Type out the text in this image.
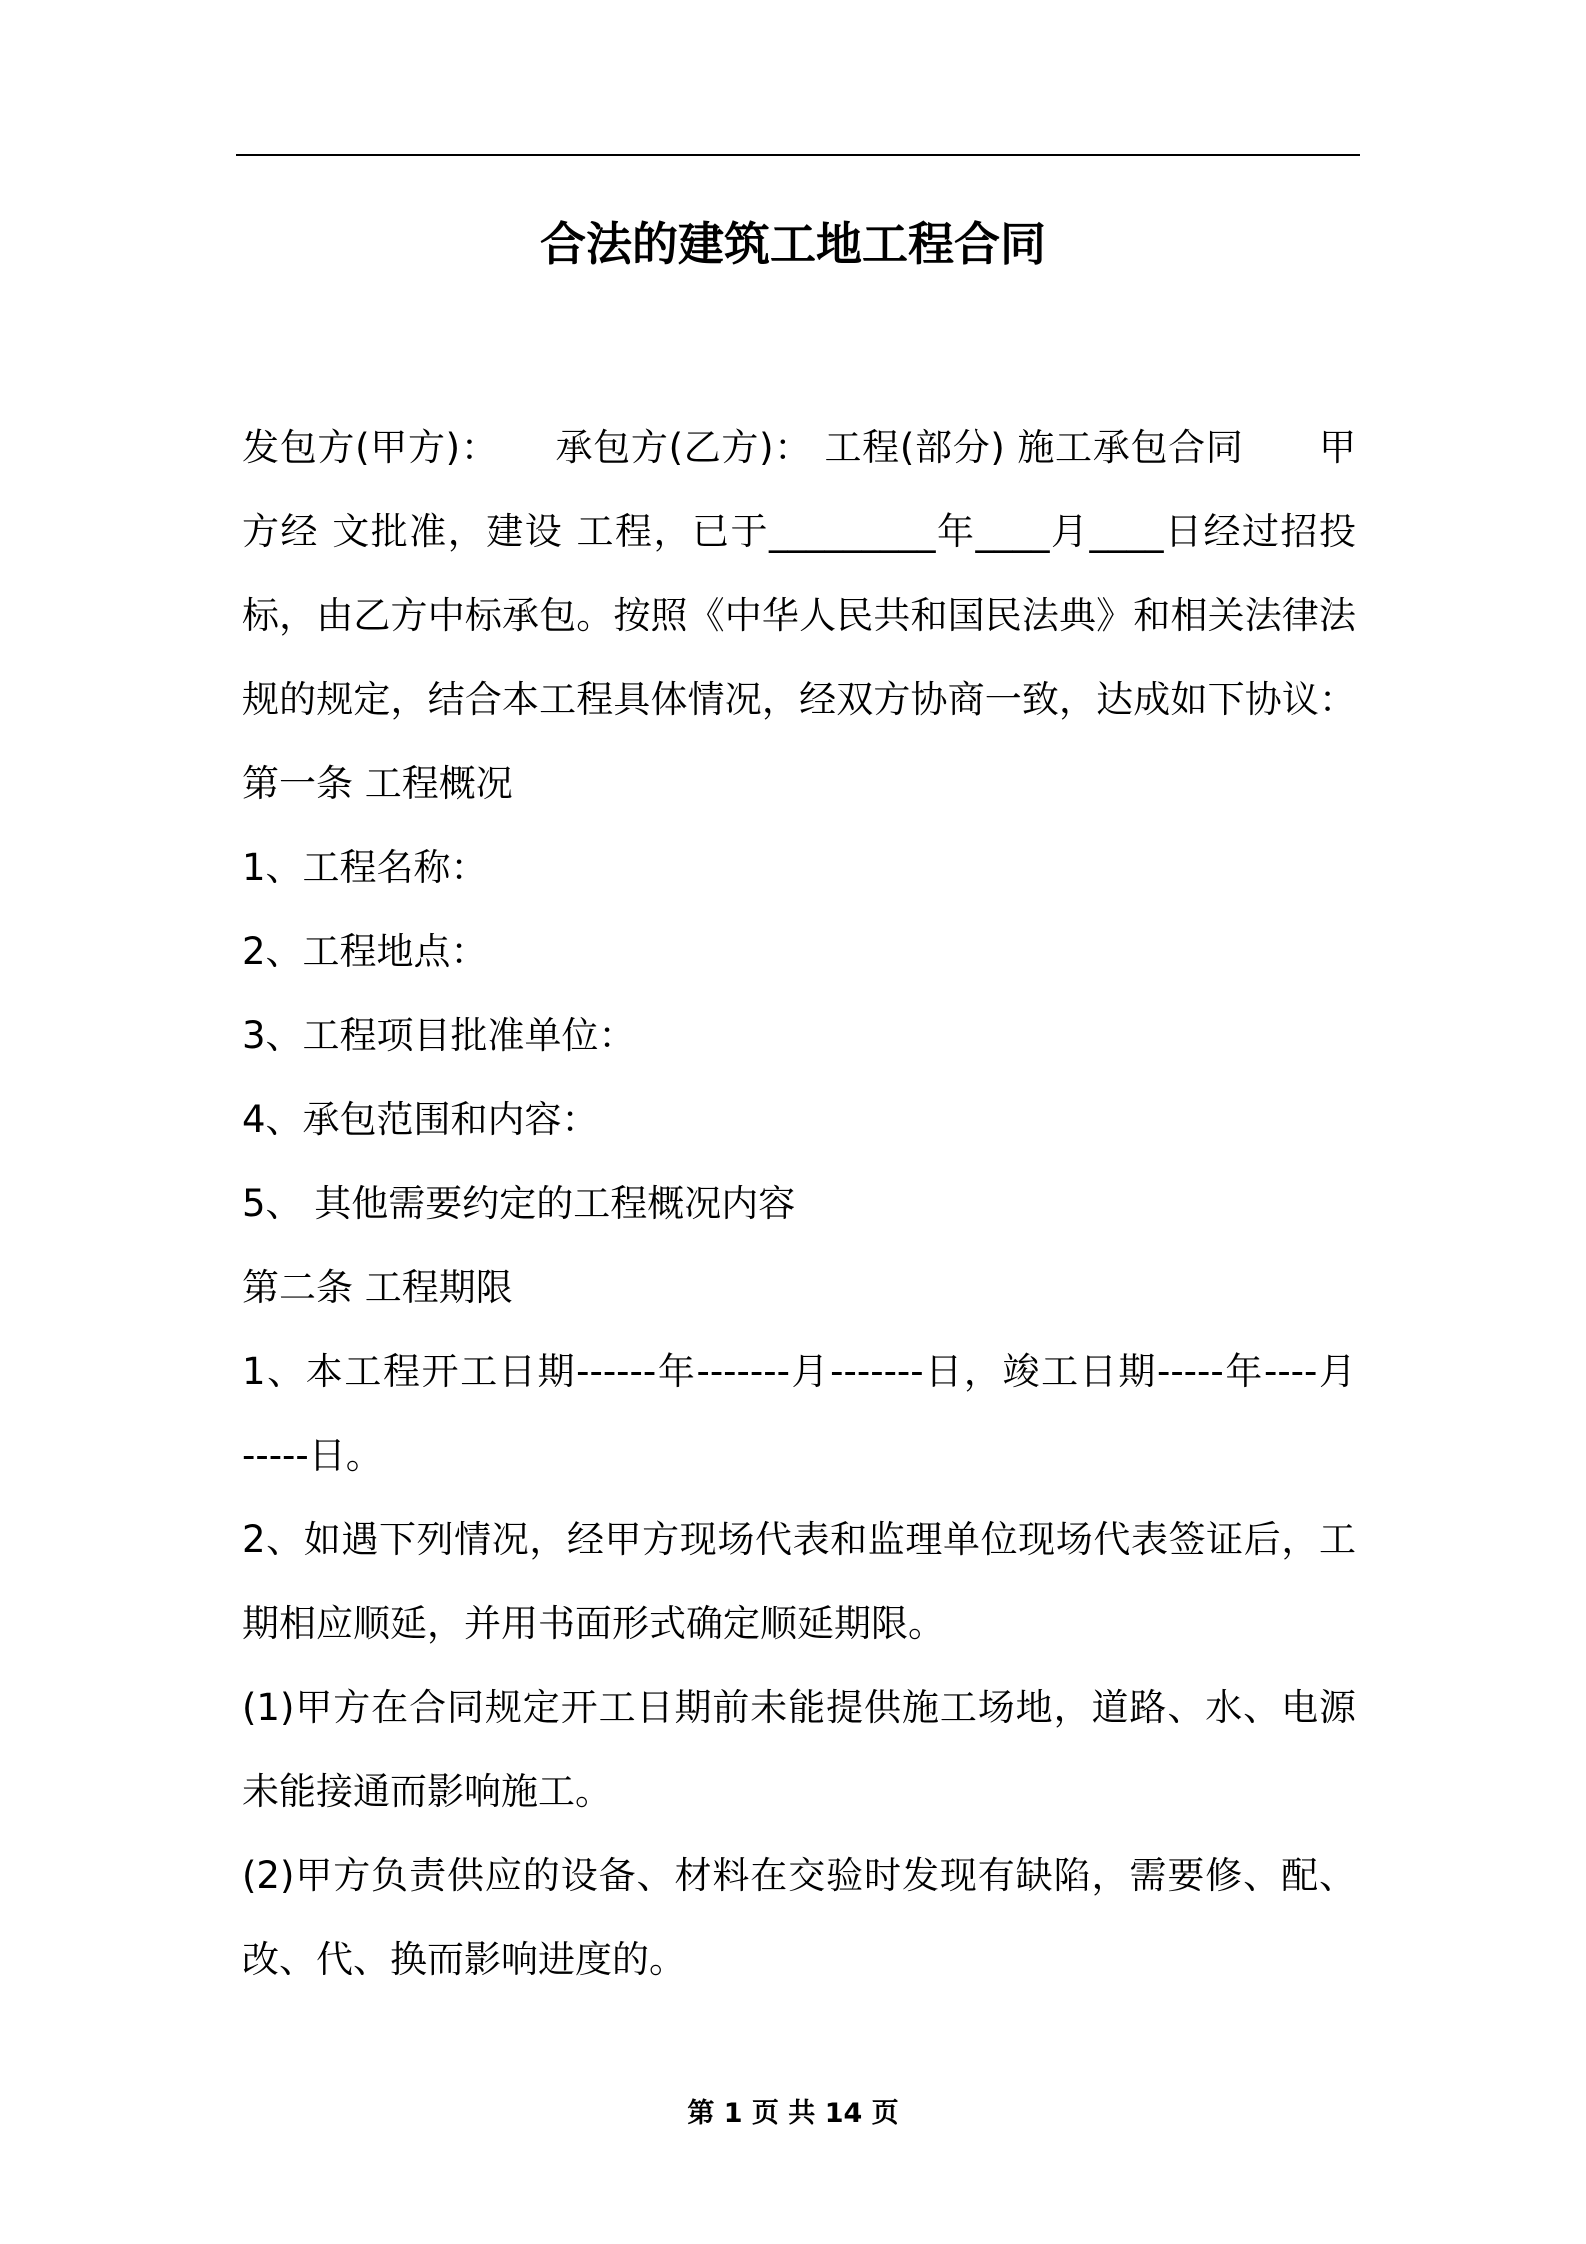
合法的建筑工地工程合同

发包方(甲方)：　　承包方(乙方)： 工程(部分) 施工承包合同　　甲

方经 文批准，建设 工程，已于_________年____月____日经过招投

标，由乙方中标承包。按照《中华人民共和国民法典》和相关法律法

规的规定，结合本工程具体情况，经双方协商一致，达成如下协议：

第一条 工程概况

1、工程名称：

2、工程地点：

3、工程项目批准单位：

4、承包范围和内容：

5、 其他需要约定的工程概况内容

第二条 工程期限

1、本工程开工日期------年-------月-------日，竣工日期-----年----月

-----日。

2、如遇下列情况，经甲方现场代表和监理单位现场代表签证后，工

期相应顺延，并用书面形式确定顺延期限。

(1)甲方在合同规定开工日期前未能提供施工场地，道路、水、电源

未能接通而影响施工。

(2)甲方负责供应的设备、材料在交验时发现有缺陷，需要修、配、

改、代、换而影响进度的。

第 1 页 共 14 页
